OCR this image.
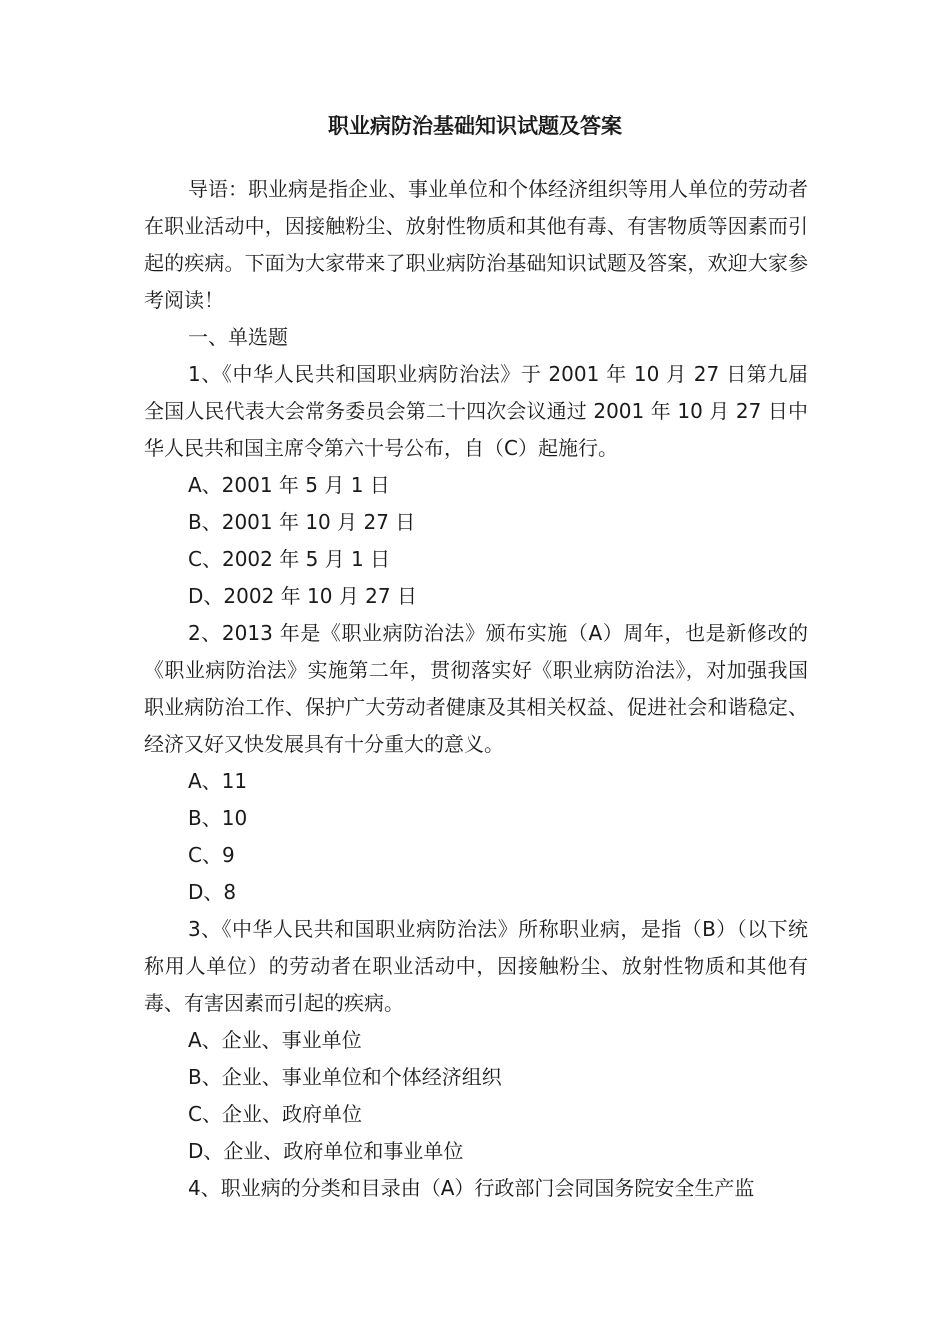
职业病防治基础知识试题及答案

导语：职业病是指企业、事业单位和个体经济组织等用人单位的劳动者在职业活动中，因接触粉尘、放射性物质和其他有毒、有害物质等因素而引起的疾病。下面为大家带来了职业病防治基础知识试题及答案，欢迎大家参考阅读！

一、单选题

1、《中华人民共和国职业病防治法》于 2001 年 10 月 27 日第九届全国人民代表大会常务委员会第二十四次会议通过 2001 年 10 月 27 日中华人民共和国主席令第六十号公布，自（C）起施行。

A、2001 年 5 月 1 日

B、2001 年 10 月 27 日

C、2002 年 5 月 1 日

D、2002 年 10 月 27 日

2、2013 年是《职业病防治法》颁布实施（A）周年，也是新修改的《职业病防治法》实施第二年，贯彻落实好《职业病防治法》，对加强我国职业病防治工作、保护广大劳动者健康及其相关权益、促进社会和谐稳定、经济又好又快发展具有十分重大的意义。

A、11

B、10

C、9

D、8

3、《中华人民共和国职业病防治法》所称职业病，是指（B）（以下统称用人单位）的劳动者在职业活动中，因接触粉尘、放射性物质和其他有毒、有害因素而引起的疾病。

A、企业、事业单位

B、企业、事业单位和个体经济组织

C、企业、政府单位

D、企业、政府单位和事业单位

4、职业病的分类和目录由（A）行政部门会同国务院安全生产监
